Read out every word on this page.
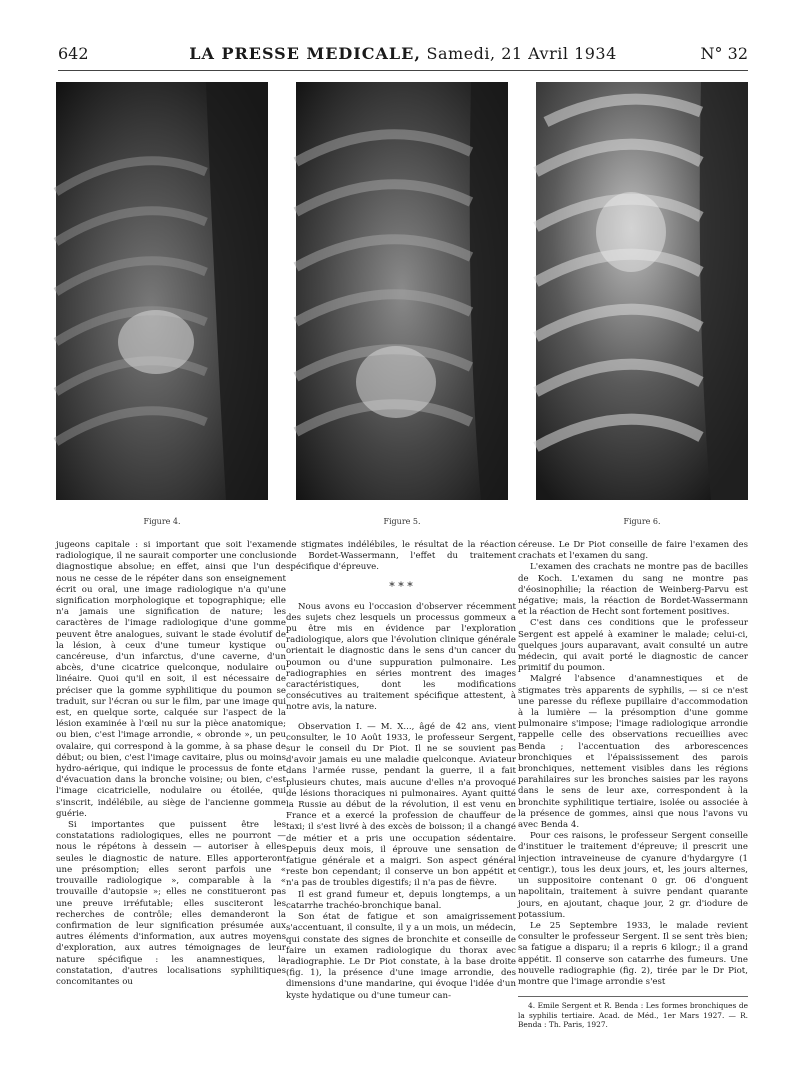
642	LA PRESSE MEDICALE, Samedi, 21 Avril 1934	N° 32
Figure 4.	Figure 5.	Figure 6.

jugeons capitale : si important que soit l'examen radiologique, il ne saurait comporter une conclusion diagnostique absolue; en effet, ainsi que l'un de nous ne cesse de le répéter dans son enseignement écrit ou oral, une image radiologique n'a qu'une signification morphologique et topographique; elle n'a jamais une signification de nature; les caractères de l'image radiologique d'une gomme peuvent être analogues, suivant le stade évolutif de la lésion, à ceux d'une tumeur kystique ou cancéreuse, d'un infarctus, d'une caverne, d'un abcès, d'une cicatrice quelconque, nodulaire ou linéaire. Quoi qu'il en soit, il est nécessaire de préciser que la gomme syphilitique du poumon se traduit, sur l'écran ou sur le film, par une image qui est, en quelque sorte, calquée sur l'aspect de la lésion examinée à l'œil nu sur la pièce anatomique; ou bien, c'est l'image arrondie, « obronde », un peu ovalaire, qui correspond à la gomme, à sa phase de début; ou bien, c'est l'image cavitaire, plus ou moins hydro-aérique, qui indique le processus de fonte et d'évacuation dans la bronche voisine; ou bien, c'est l'image cicatricielle, nodulaire ou étoilée, qui s'inscrit, indélébile, au siège de l'ancienne gomme guérie.

Si importantes que puissent être les constatations radiologiques, elles ne pourront — nous le répétons à dessein — autoriser à elles seules le diagnostic de nature. Elles apporteront une présomption; elles seront parfois une « trouvaille radiologique », comparable à la « trouvaille d'autopsie »; elles ne constitueront pas une preuve irréfutable; elles susciteront les recherches de contrôle; elles demanderont la confirmation de leur signification présumée aux autres éléments d'information, aux autres moyens d'exploration, aux autres témoignages de leur nature spécifique : les anamnestiques, la constatation, d'autres localisations syphilitiques concomitantes ou

de stigmates indélébiles, le résultat de la réaction de Bordet-Wassermann, l'effet du traitement spécifique d'épreuve.

* * *

Nous avons eu l'occasion d'observer récemment des sujets chez lesquels un processus gommeux a pu être mis en évidence par l'exploration radiologique, alors que l'évolution clinique générale orientait le diagnostic dans le sens d'un cancer du poumon ou d'une suppuration pulmonaire. Les radiographies en séries montrent des images caractéristiques, dont les modifications consécutives au traitement spécifique attestent, à notre avis, la nature.

Observation I. — M. X..., âgé de 42 ans, vient consulter, le 10 Août 1933, le professeur Sergent, sur le conseil du Dr Piot. Il ne se souvient pas d'avoir jamais eu une maladie quelconque. Aviateur dans l'armée russe, pendant la guerre, il a fait plusieurs chutes, mais aucune d'elles n'a provoqué de lésions thoraciques ni pulmonaires. Ayant quitté la Russie au début de la révolution, il est venu en France et a exercé la profession de chauffeur de taxi; il s'est livré à des excès de boisson; il a changé de métier et a pris une occupation sédentaire. Depuis deux mois, il éprouve une sensation de fatigue générale et a maigri. Son aspect général reste bon cependant; il conserve un bon appétit et n'a pas de troubles digestifs; il n'a pas de fièvre.

Il est grand fumeur et, depuis longtemps, a un catarrhe trachéo-bronchique banal.

Son état de fatigue et son amaigrissement s'accentuant, il consulte, il y a un mois, un médecin, qui constate des signes de bronchite et conseille de faire un examen radiologique du thorax avec radiographie. Le Dr Piot constate, à la base droite (fig. 1), la présence d'une image arrondie, des dimensions d'une mandarine, qui évoque l'idée d'un kyste hydatique ou d'une tumeur can-

céreuse. Le Dr Piot conseille de faire l'examen des crachats et l'examen du sang.

L'examen des crachats ne montre pas de bacilles de Koch. L'examen du sang ne montre pas d'éosinophilie; la réaction de Weinberg-Parvu est négative; mais, la réaction de Bordet-Wassermann et la réaction de Hecht sont fortement positives.

C'est dans ces conditions que le professeur Sergent est appelé à examiner le malade; celui-ci, quelques jours auparavant, avait consulté un autre médecin, qui avait porté le diagnostic de cancer primitif du poumon.

Malgré l'absence d'anamnestiques et de stigmates très apparents de syphilis, — si ce n'est une paresse du réflexe pupillaire d'accommodation à la lumière — la présomption d'une gomme pulmonaire s'impose; l'image radiologique arrondie rappelle celle des observations recueillies avec Benda ; l'accentuation des arborescences bronchiques et l'épaississement des parois bronchiques, nettement visibles dans les régions parahilaires sur les bronches saisies par les rayons dans le sens de leur axe, correspondent à la bronchite syphilitique tertiaire, isolée ou associée à la présence de gommes, ainsi que nous l'avons vu avec Benda 4.

Pour ces raisons, le professeur Sergent conseille d'instituer le traitement d'épreuve; il prescrit une injection intraveineuse de cyanure d'hydargyre (1 centigr.), tous les deux jours, et, les jours alternes, un suppositoire contenant 0 gr. 06 d'onguent napolitain, traitement à suivre pendant quarante jours, en ajoutant, chaque jour, 2 gr. d'iodure de potassium.

Le 25 Septembre 1933, le malade revient consulter le professeur Sergent. Il se sent très bien; sa fatigue a disparu; il a repris 6 kilogr.; il a grand appétit. Il conserve son catarrhe des fumeurs. Une nouvelle radiographie (fig. 2), tirée par le Dr Piot, montre que l'image arrondie s'est

4. Emile Sergent et R. Benda : Les formes bronchiques de la syphilis tertiaire. Acad. de Méd., 1er Mars 1927. — R. Benda : Th. Paris, 1927.
